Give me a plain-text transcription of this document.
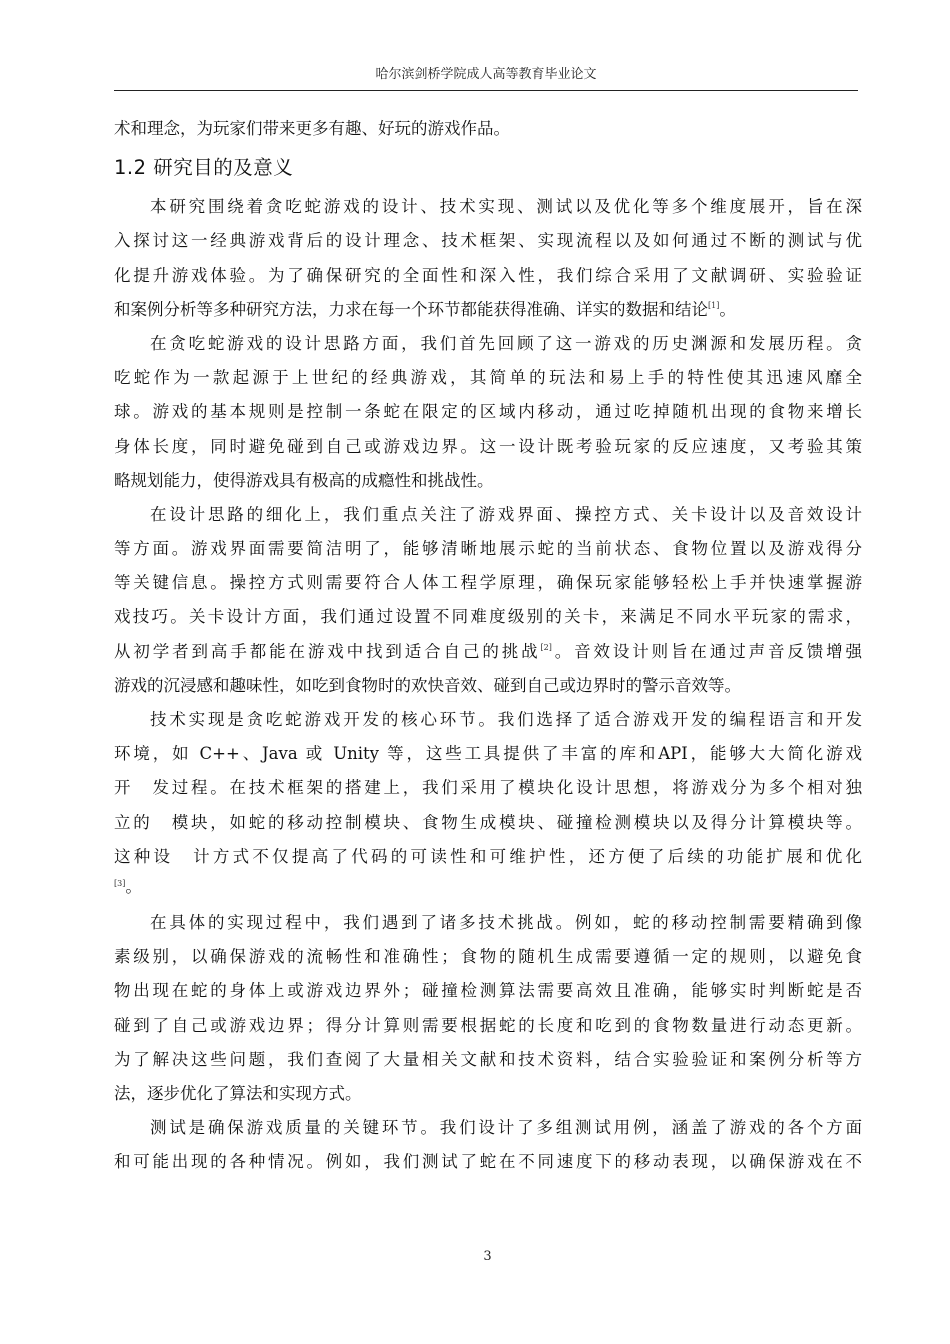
哈尔滨剑桥学院成人高等教育毕业论文
术和理念，为玩家们带来更多有趣、好玩的游戏作品。
1.2 研究目的及意义
本研究围绕着贪吃蛇游戏的设计、技术实现、测试以及优化等多个维度展开，旨在深
入探讨这一经典游戏背后的设计理念、技术框架、实现流程以及如何通过不断的测试与优
化提升游戏体验。为了确保研究的全面性和深入性，我们综合采用了文献调研、实验验证
和案例分析等多种研究方法，力求在每一个环节都能获得准确、详实的数据和结论[1]。
在贪吃蛇游戏的设计思路方面，我们首先回顾了这一游戏的历史渊源和发展历程。贪
吃蛇作为一款起源于上世纪的经典游戏，其简单的玩法和易上手的特性使其迅速风靡全
球。游戏的基本规则是控制一条蛇在限定的区域内移动，通过吃掉随机出现的食物来增长
身体长度，同时避免碰到自己或游戏边界。这一设计既考验玩家的反应速度，又考验其策
略规划能力，使得游戏具有极高的成瘾性和挑战性。
在设计思路的细化上，我们重点关注了游戏界面、操控方式、关卡设计以及音效设计
等方面。游戏界面需要简洁明了，能够清晰地展示蛇的当前状态、食物位置以及游戏得分
等关键信息。操控方式则需要符合人体工程学原理，确保玩家能够轻松上手并快速掌握游
戏技巧。关卡设计方面，我们通过设置不同难度级别的关卡，来满足不同水平玩家的需求，
从初学者到高手都能在游戏中找到适合自己的挑战[2]。音效设计则旨在通过声音反馈增强
游戏的沉浸感和趣味性，如吃到食物时的欢快音效、碰到自己或边界时的警示音效等。
技术实现是贪吃蛇游戏开发的核心环节。我们选择了适合游戏开发的编程语言和开发
环境，如 C++、Java 或 Unity 等，这些工具提供了丰富的库和API，能够大大简化游戏
开　发过程。在技术框架的搭建上，我们采用了模块化设计思想，将游戏分为多个相对独
立的　模块，如蛇的移动控制模块、食物生成模块、碰撞检测模块以及得分计算模块等。
这种设　计方式不仅提高了代码的可读性和可维护性，还方便了后续的功能扩展和优化
[3]。
在具体的实现过程中，我们遇到了诸多技术挑战。例如，蛇的移动控制需要精确到像
素级别，以确保游戏的流畅性和准确性；食物的随机生成需要遵循一定的规则，以避免食
物出现在蛇的身体上或游戏边界外；碰撞检测算法需要高效且准确，能够实时判断蛇是否
碰到了自己或游戏边界；得分计算则需要根据蛇的长度和吃到的食物数量进行动态更新。
为了解决这些问题，我们查阅了大量相关文献和技术资料，结合实验验证和案例分析等方
法，逐步优化了算法和实现方式。
测试是确保游戏质量的关键环节。我们设计了多组测试用例，涵盖了游戏的各个方面
和可能出现的各种情况。例如，我们测试了蛇在不同速度下的移动表现，以确保游戏在不
3
